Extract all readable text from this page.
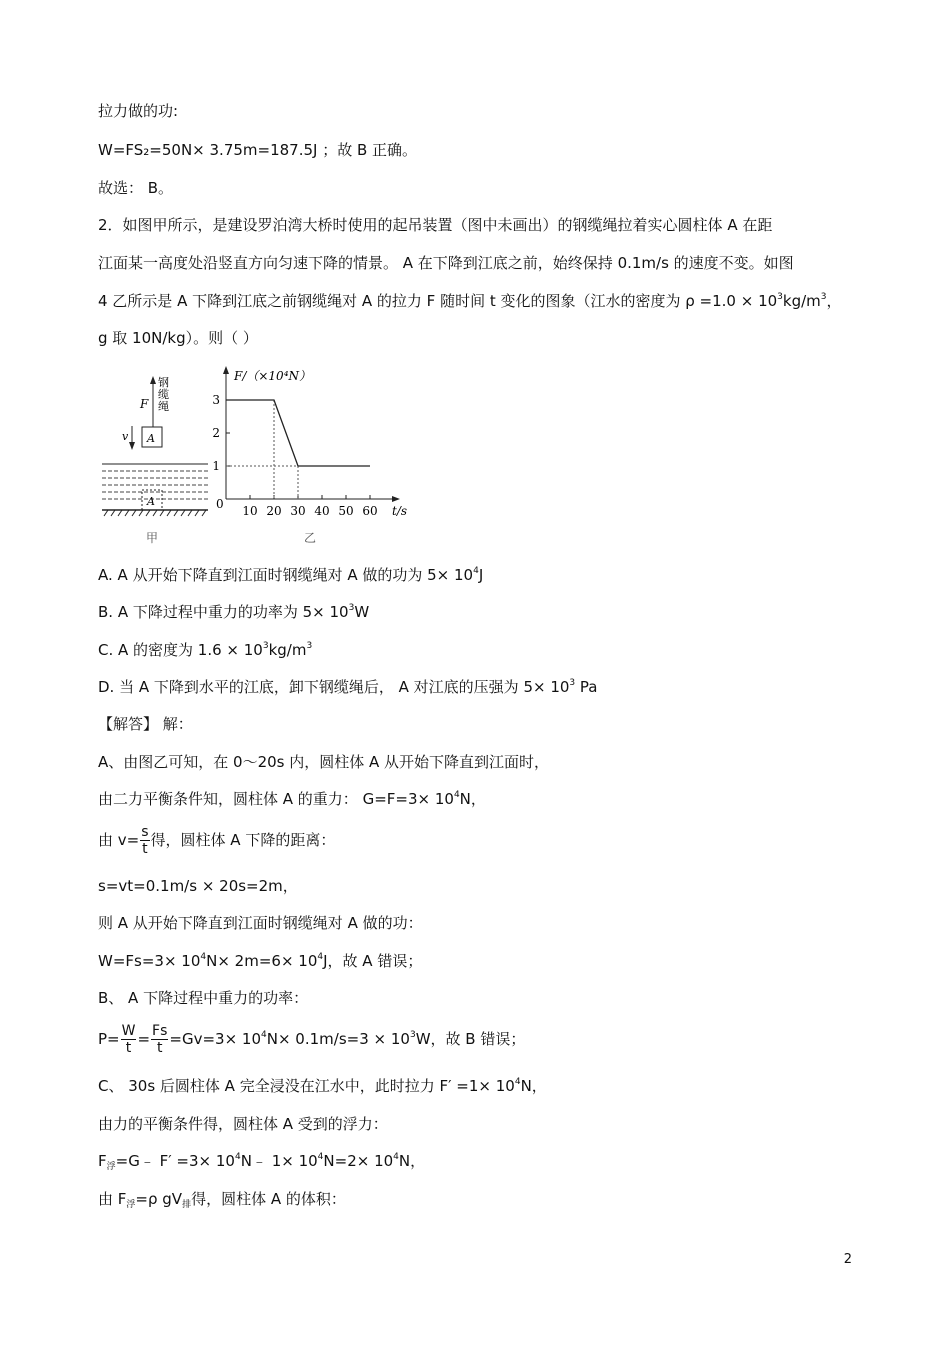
拉力做的功:
W=FS₂=50N× 3.75m=187.5J ；故 B 正确。
故选： B。
2．如图甲所示，是建设罗泊湾大桥时使用的起吊装置（图中未画出）的钢缆绳拉着实心圆柱体 A 在距
江面某一高度处沿竖直方向匀速下降的情景。 A 在下降到江底之前，始终保持 0.1m/s 的速度不变。如图
4 乙所示是 A 下降到江底之前钢缆绳对 A 的拉力 F 随时间 t 变化的图象（江水的密度为 $\rho =1.0 \times 10^3kg/m^3$，
g 取 10N/kg）。则（ ）
钢缆绳
F
v A
A
甲
F/（×10⁴N）
t/s
0 10 20 30 40 50 60
1
2
3
乙
A. A 从开始下降直到江面时钢缆绳对 A 做的功为 $5\times 10^4J$
B. A 下降过程中重力的功率为 $5\times 10^3W$
C. A 的密度为 $1.6 \times 10^3kg/m^3$
D. 当 A 下降到水平的江底，卸下钢缆绳后， A 对江底的压强为 $5\times 10^3$ Pa
【解答】 解：
A、由图乙可知，在 0～20s 内，圆柱体 A 从开始下降直到江面时，
由二力平衡条件知，圆柱体 A 的重力： $G=F=3\times 10^4N$，
由 $v= \frac{s}{t}$ 得，圆柱体 A 下降的距离：
s=vt=0.1m/s × 20s=2m，
则 A 从开始下降直到江面时钢缆绳对 A 做的功：
$W=Fs=3\times 10^4N\times 2m=6\times 10^4J$，故 A 错误；
B、 A 下降过程中重力的功率：
$P= \frac{W}{t} = \frac{Fs}{t} =Gv=3\times 10^4N\times 0.1m/s=3 \times 10^3W$，故 B 错误；
C、 30s 后圆柱体 A 完全浸没在江水中，此时拉力 $F' =1\times 10^4N$，
由力的平衡条件得，圆柱体 A 受到的浮力：
$F_浮=G﹣$ $F' =3\times 10^4N﹣$ $1\times 10^4N=2\times 10^4N$，
由 $F_浮=\rho$ $gV_排$得，圆柱体 A 的体积：
2
